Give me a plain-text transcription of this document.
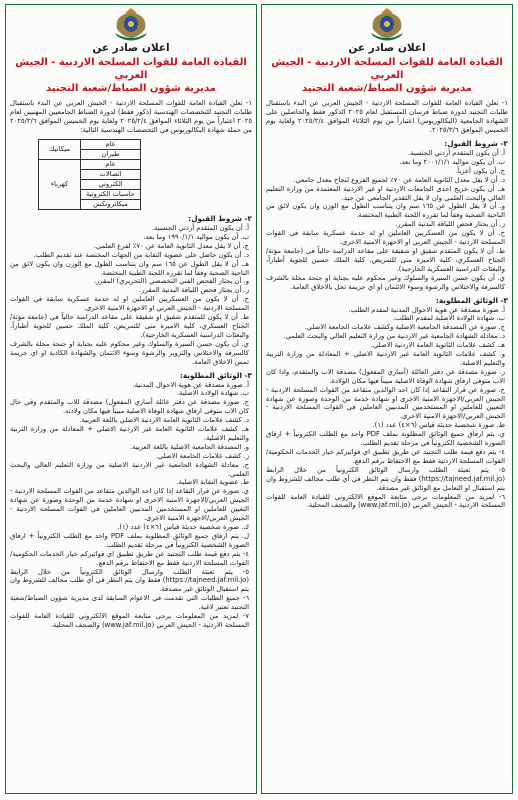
اعلان صادر عن
القيادة العامة للقوات المسلحة الاردنية - الجيش العربي
مديرية شؤون الضباط/شعبة التجنيد

١- تعلن القيادة العامة للقوات المسلحة الاردنية - الجيش العربي عن البدء باستقبال طلبات التجنيد لدورة ضباط فرسان المستقبل لعام ٢٠٢٥ الذكور فقط والحاصلين على الشهادة الجامعية (البكالوريوس) اعتباراً من يوم الثلاثاء الموافق ٢٠٢٥/٢/٤ ولغاية يوم الخميس الموافق ٢٠٢٥/٣/٦.

٢- شروط القبول:
أ. أن يكون المتقدم أردني الجنسية.
ب. أن يكون مواليد ٢٠٠١/١/١ وما بعد.
ج. أن يكون أعزباً.
د. أن لا يقل معدل الثانوية العامة عن ٧٠٪ لجميع الفروع لنجاح معدل جامعي.
هـ. أن يكون خريج احدى الجامعات الاردنية او غير الاردنية المعتمدة من وزارة التعليم العالي والبحث العلمي وان لا يقل التقدير الجامعي عن جيد.
و. أن لا يقل الطول عن ١٦٥ سم وان يتناسب الطول مع الوزن وان يكون لائق من الناحية الصحية وفقاً لما تقرره اللجنة الطبية المختصة.
ز. أن يجتاز فحص اللياقة البدنية المقرر.
ح. أن لا يكون من العسكريين العاملين او له خدمة عسكرية سابقة في القوات المسلحة الاردنية - الجيش العربي او الاجهزة الامنية الاخرى.
ط. أن لا يكون المتقدم شقيق او شقيقة على مقاعد الدراسة حالياً في (جامعة مؤتة/الجناح العسكري، كلية الاميرة منى للتمريض، كلية الملك حسين للجوية أطباراً، والبعثات الدراسية العسكرية الخارجية).
ي. أن يكون حسن السيرة والسلوك وغير محكوم عليه بجناية او جنحة مخلة بالشرف كالسرقة والاختلاس والرشوة وسوء الائتمان او اي جريمة تخل بالاخلاق العامة.
٣- الوثائق المطلوبة:
أ. صورة مصدقة عن هوية الاحوال المدنية لمقدم الطلب.
ب. شهادة الولادة الاصلية لمقدم الطلب.
ج. صورة عن المصدقة الجامعية الاصلية وكشف علامات الجامعة الاصلي.
د. معادلة الشهادة الجامعية غير الاردنية من وزارة التعليم العالي والبحث العلمي.
هـ. كشف علامات الثانوية العامة الاردنية الاصلي.
و. كشف علامات الثانوية العامة غير الاردنية الاصلي + المعادلة من وزارة التربية والتعليم الاصلية.
ز. صورة مصدقة عن دفتر العائلة (أساري المفعول) مصدقة الاب والمتقدم، واذا كان الاب متوفى ارفاق شهادة الوفاة الاصلية مبيناً فيها مكان الولادة.
ح. صورة عن قرار التقاعد إذا كان احد الوالدين متقاعد من القوات المسلحة الاردنية - الجيش العربي/الاجهزة الامنية الاخرى او شهادة خدمة من الوحدة وصورة عن شهادة التعيين للعاملين او المستخدمين المدنيين العاملين في القوات المسلحة الاردنية - الجيش العربي/الاجهزة الامنية الاخرى.
ط. صورة شخصية حديثة قياس (٦×٤) عدد (١).
ي. يتم ارفاق جميع الوثائق المطلوبة بملف PDF واحد مع الطلب الكترونياً + ارفاق الصورة الشخصية الكترونياً في مرحلة تقديم الطلب.
٤- يتم دفع قيمة طلب التجنيد عن طريق تطبيق اي فواتيركم خيار الخدمات الحكومية/القوات المسلحة الاردنية فقط مع الاحتفاظ برقم الدفع.
٥- يتم تعبئة الطلب وارسال الوثائق الكترونياً من خلال الرابط (https://tajneed.jaf.mil.jo) فقط وان يتم النظر في أي طلب مخالف للشروط وان يتم استقبال او التعامل مع الوثائق غير مصدقة.
٦- لمزيد من المعلومات يرجى متابعة الموقع الالكتروني للقيادة العامة للقوات المسلحة الاردنية - الجيش العربي (www.jaf.mil.jo) والصحف المحلية.
اعلان صادر عن
القيادة العامة للقوات المسلحة الاردنية - الجيش العربي
مديرية شؤون الضباط/شعبة التجنيد

١- تعلن القيادة العامة للقوات المسلحة الاردنية - الجيش العربي عن البدء باستقبال طلبات التجنيد للتخصصات الهندسية (ذكور فقط) لدورة الضباط الجامعيين المهنيين لعام ٢٠٢٥ اعتباراً من يوم الثلاثاء الموافق ٢٠٢٥/٢/٤ ولغاية يوم الخميس الموافق ٢٠٢٥/٣/٦ من حملة شهادة البكالوريوس في التخصصات الهندسية التالية:

عام	ميكانيك
طيران	
عام	كهرباء
اتصالات	
الكتروني	
حاسبات الكترونية	
ميكاترونكس	
٢- شروط القبول:
أ. أن يكون المتقدم أردني الجنسية.
ب. أن يكون مواليد ١٩٩٠/١/١ وما بعد.
ج. أن لا يقل معدل الثانوية العامة عن ٧٠٪ لفرع العلمي.
د. أن يكون حاصل على عضوية النقابة من الجهات المختصة عند تقديم الطلب.
هـ. أن لا يقل الطول عن ١٦٥ سم وان يتناسب الطول مع الوزن وان يكون لائق من الناحية الصحية وفقاً لما تقرره اللجنة الطبية المختصة.
و. أن يجتاز الفحص الفني التخصصي (التحريري) المقرر.
ز. أن يجتاز فحص اللياقة البدنية المقرر.
ح. أن لا يكون من العسكريين العاملين او له خدمة عسكرية سابقة في القوات المسلحة الاردنية - الجيش العربي او الاجهزة الامنية الاخرى.
ط. أن لا يكون للمتقدم شقيق او شقيقة على مقاعد الدراسة حالياً في (جامعة مؤتة/الجناح العسكري، كلية الاميرة منى للتمريض، كلية الملك حسين للجوية أطباراً، والبعثات الدراسية العسكرية الخارجية).
ي. أن يكون حسن السيرة والسلوك وغير محكوم عليه بجناية او جنحة مخلة بالشرف كالسرقة والاختلاس والتزوير والرشوة وسوء الائتمان والشهادة الكاذبة او اي جريمة تمس الاخلاق العامة.
٣- الوثائق المطلوبة:
أ. صورة مصدقة عن هوية الاحوال المدنية.
ب. شهادة الولادة الاصلية.
ج. صورة مصدقة عن دفتر عائلة أساري المفعول) مصدقة للاب والمتقدم وفي حال كان الاب متوفى ارفاق شهادة الوفاة الاصلية مبيناً فيها مكان ولادته.
د. كشف علامات الثانوية العامة الاردنية الاصلي باللغة العربية.
هـ. كشف علامات الثانوية العامة غير الاردنية الاصلي + المعادلة من وزارة التربية والتعليم الاصلية.
و. المصدقة الجامعية الاصلية باللغة العربية.
ز. كشف علامات الجامعة الاصلي.
ح. معادلة الشهادة الجامعية غير الاردنية الاصلية من وزارة التعليم العالي والبحث العلمي.
ط. عضوية النقابة الاصلية.
ي. صورة عن قرار التقاعد إذا كان احد الوالدين متقاعد من القوات المسلحة الاردنية - الجيش العربي/الاجهزة الامنية الاخرى او شهادة خدمة من الوحدة وصورة عن شهادة التعيين للعاملين او المستخدمين المدنيين العاملين في القوات المسلحة الاردنية - الجيش العربي/الاجهزة الامنية الاخرى.
ك. صورة شخصية حديثة قياس (٦×٤) عدد (١).
ل. يتم ارفاق جميع الوثائق المطلوبة بملف PDF واحد مع الطلب الكترونياً + ارفاق الصورة الشخصية الكترونياً في مرحلة تقديم الطلب.
٤- يتم دفع قيمة طلب التجنيد عن طريق تطبيق اي فواتيركم خيار الخدمات الحكومية/القوات المسلحة الاردنية فقط مع الاحتفاظ برقم الدفع.
٥- يتم تعبئة الطلب وارسال الوثائق الكترونياً من خلال الرابط (https://tajneed.jaf.mil.jo) فقط وان يتم النظر في أي طلب مخالف للشروط وان يتم استقبال الوثائق غير مصدقة.
٦- جميع الطلبات التي تقدمت في الاعوام السابقة لدى مديرية شؤون الضباط/شعبة التجنيد تعتبر لاغية.
٧- لمزيد من المعلومات يرجى متابعة الموقع الالكتروني للقيادة العامة للقوات المسلحة الاردنية - الجيش العربي (www.jaf.mil.jo) والصحف المحلية.
